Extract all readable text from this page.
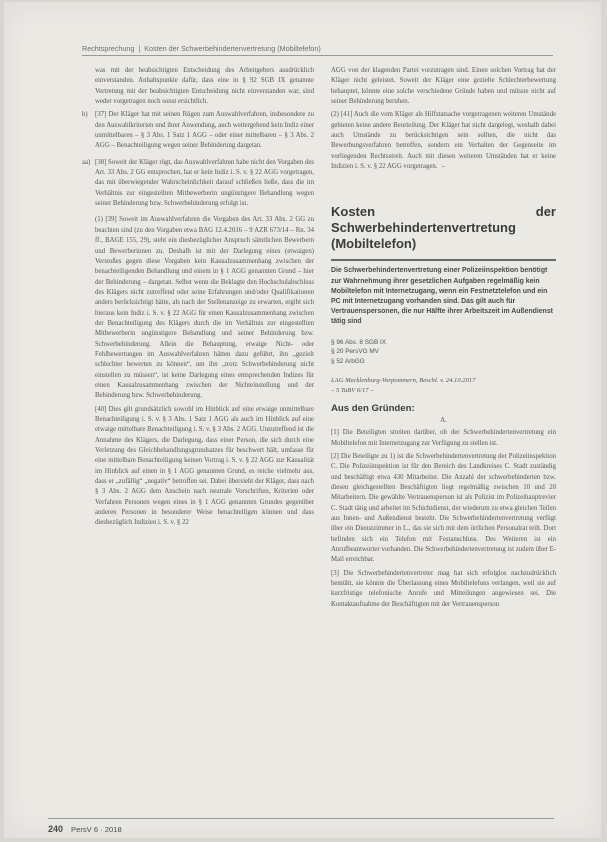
Rechtsprechung | Kosten der Schwerbehindertenvertretung (Mobiltelefon)

was mit der beabsichtigten Entscheidung des Arbeitgebers ausdrücklich einverstanden. Anhaltspunkte dafür, dass eine in § 92 SGB IX genannte Vertretung mit der beabsichtigten Entscheidung nicht einverstanden war, sind weder vorgetragen noch sonst ersichtlich.

b)	[37] Der Kläger hat mit seinen Rügen zum Auswahlverfahren, insbesondere zu den Auswahlkriterien und ihrer Anwendung, auch weitergehend kein Indiz einer unmittelbaren – § 3 Abs. 1 Satz 1 AGG – oder einer mittelbaren – § 3 Abs. 2 AGG – Benachteiligung wegen seiner Behinderung dargetan.
aa) [38] Soweit der Kläger rügt, das Auswahlverfahren habe nicht den Vorgaben des Art. 33 Abs. 2 GG entsprochen, hat er kein Indiz i. S. v. § 22 AGG vorgetragen, das mit überwiegender Wahrscheinlichkeit darauf schließen ließe, dass die im Verhältnis zur eingestellten Mitbewerberin ungünstigere Behandlung wegen seiner Behinderung bzw. Schwerbehinderung erfolgt ist.

(1) [39] Soweit im Auswahlverfahren die Vorgaben des Art. 33 Abs. 2 GG zu beachten sind (zu den Vorgaben etwa BAG 12.4.2016 – 9 AZR 673/14 – Rn. 34 ff., BAGE 155, 29), steht ein diesbezüglicher Anspruch sämtlichen Bewerbern und Bewerberinnen zu. Deshalb ist mit der Darlegung eines (etwaigen) Verstoßes gegen diese Vorgaben kein Kausalzusammenhang zwischen der benachteiligenden Behandlung und einem in § 1 AGG genannten Grund – hier der Behinderung – dargetan. Selbst wenn die Beklagte den Hochschulabschluss des Klägers nicht zutreffend oder seine Erfahrungen und/oder Qualifikationen anders berücksichtigt hätte, als nach der Stellenanzeige zu erwarten, ergibt sich hieraus kein Indiz i. S. v. § 22 AGG für einen Kausalzusammenhang zwischen der Benachteiligung des Klägers durch die im Verhältnis zur eingestellten Mitbewerberin ungünstigere Behandlung und seiner Behinderung bzw. Schwerbehinderung. Allein die Behauptung, etwaige Nicht- oder Fehlbewertungen im Auswahlverfahren hätten dazu geführt, ihn „gezielt schlechter bewerten zu können“, um ihn „trotz Schwerbehinderung nicht einstellen zu müssen“, ist keine Darlegung eines entsprechenden Indizes für einen Kausalzusammenhang zwischen der Nichteinstellung und der Behinderung bzw. Schwerbehinderung.

[40] Dies gilt grundsätzlich sowohl im Hinblick auf eine etwaige unmittelbare Benachteiligung i. S. v. § 3 Abs. 1 Satz 1 AGG als auch im Hinblick auf eine etwaige mittelbare Benachteiligung i. S. v. § 3 Abs. 2 AGG. Unzutreffend ist die Annahme des Klägers, die Darlegung, dass einer Person, die sich durch eine Verletzung des Gleichbehandlungsgrundsatzes für beschwert hält, umfasse für eine mittelbare Benachteiligung keinen Vortrag i. S. v. § 22 AGG zur Kausalität im Hinblick auf einen in § 1 AGG genannten Grund, es reiche vielmehr aus, dass er „zufällig“ „negativ“ betroffen sei. Dabei übersieht der Kläger, dass nach § 3 Abs. 2 AGG dem Anschein nach neutrale Vorschriften, Kriterien oder Verfahren Personen wegen eines in § 1 AGG genannten Grundes gegenüber anderen Personen in besonderer Weise benachteiligen können und dass diesbezüglich Indizien i. S. v. § 22

AGG von der klagenden Partei vorzutragen sind. Einen solchen Vortrag hat der Kläger nicht geleistet. Soweit der Kläger eine gezielte Schlechterbewertung behauptet, könnte eine solche verschiedene Gründe haben und müsste nicht auf seiner Behinderung beruhen.

(2) [41] Auch die vom Kläger als Hilfstatsache vorgetragenen weiteren Umstände gebieten keine andere Beurteilung. Der Kläger hat nicht dargelegt, weshalb dabei auch Umstände zu berücksichtigen sein sollten, die nicht das Bewerbungsverfahren betreffen, sondern ein Verhalten der Gegenseite im vorliegenden Rechtsstreit. Auch mit diesen weiteren Umständen hat er keine Indizien i. S. v. § 22 AGG vorgetragen. –

Kosten der Schwerbehindertenvertretung (Mobiltelefon)
Die Schwerbehindertenvertretung einer Polizeiinspektion benötigt zur Wahrnehmung ihrer gesetzlichen Aufgaben regelmäßig kein Mobiltelefon mit Internetzugang, wenn ein Festnetztelefon und ein PC mit Internetzugang vorhanden sind. Das gilt auch für Vertrauenspersonen, die nur Hälfte ihrer Arbeitszeit im Außendienst tätig sind
§ 96 Abs. 8 SGB IX
§ 20 PersVG MV
§ 52 ArbGG
LAG Mecklenburg-Vorpommern, Beschl. v. 24.10.2017
– 5 TaBV 6/17 –
Aus den Gründen:
A.

[1] Die Beteiligten streiten darüber, ob der Schwerbehindertenvertretung ein Mobiltelefon mit Internetzugang zur Verfügung zu stellen ist.

[2] Die Beteiligte zu 1) ist die Schwerbehindertenvertretung der Polizeiinspektion C. Die Polizeiinspektion ist für den Bereich des Landkreises C. Stadt zuständig und beschäftigt etwa 430 Mitarbeiter. Die Anzahl der schwerbehinderten bzw. diesen gleichgestellten Beschäftigten liegt regelmäßig zwischen 10 und 20 Mitarbeitern. Die gewählte Vertrauensperson ist als Polizist im Polizeihauptrevier C. Stadt tätig und arbeitet im Schichtdienst, der wiederum zu etwa gleichen Teilen aus Innen- und Außendienst besteht. Die Schwerbehindertenvertretung verfügt über ein Dienstzimmer in L., das sie sich mit dem örtlichen Personalrat teilt. Dort befinden sich ein Telefon mit Festanschluss. Des Weiteren ist ein Anrufbeantworter vorhanden. Die Schwerbehindertenvertretung ist zudem über E-Mail erreichbar.

[3] Die Schwerbehindertenvertreter mag hat sich erfolglos nachzudrücklich bemüht, sie könnte die Überlassung eines Mobiltelefons verlangen, weil sie auf kurzfristige telefonische Anrufe und Mitteilungen angewiesen sei. Die Kontaktaufnahme der Beschäftigten mit der Vertrauensperson

240 PersV 6 · 2018
